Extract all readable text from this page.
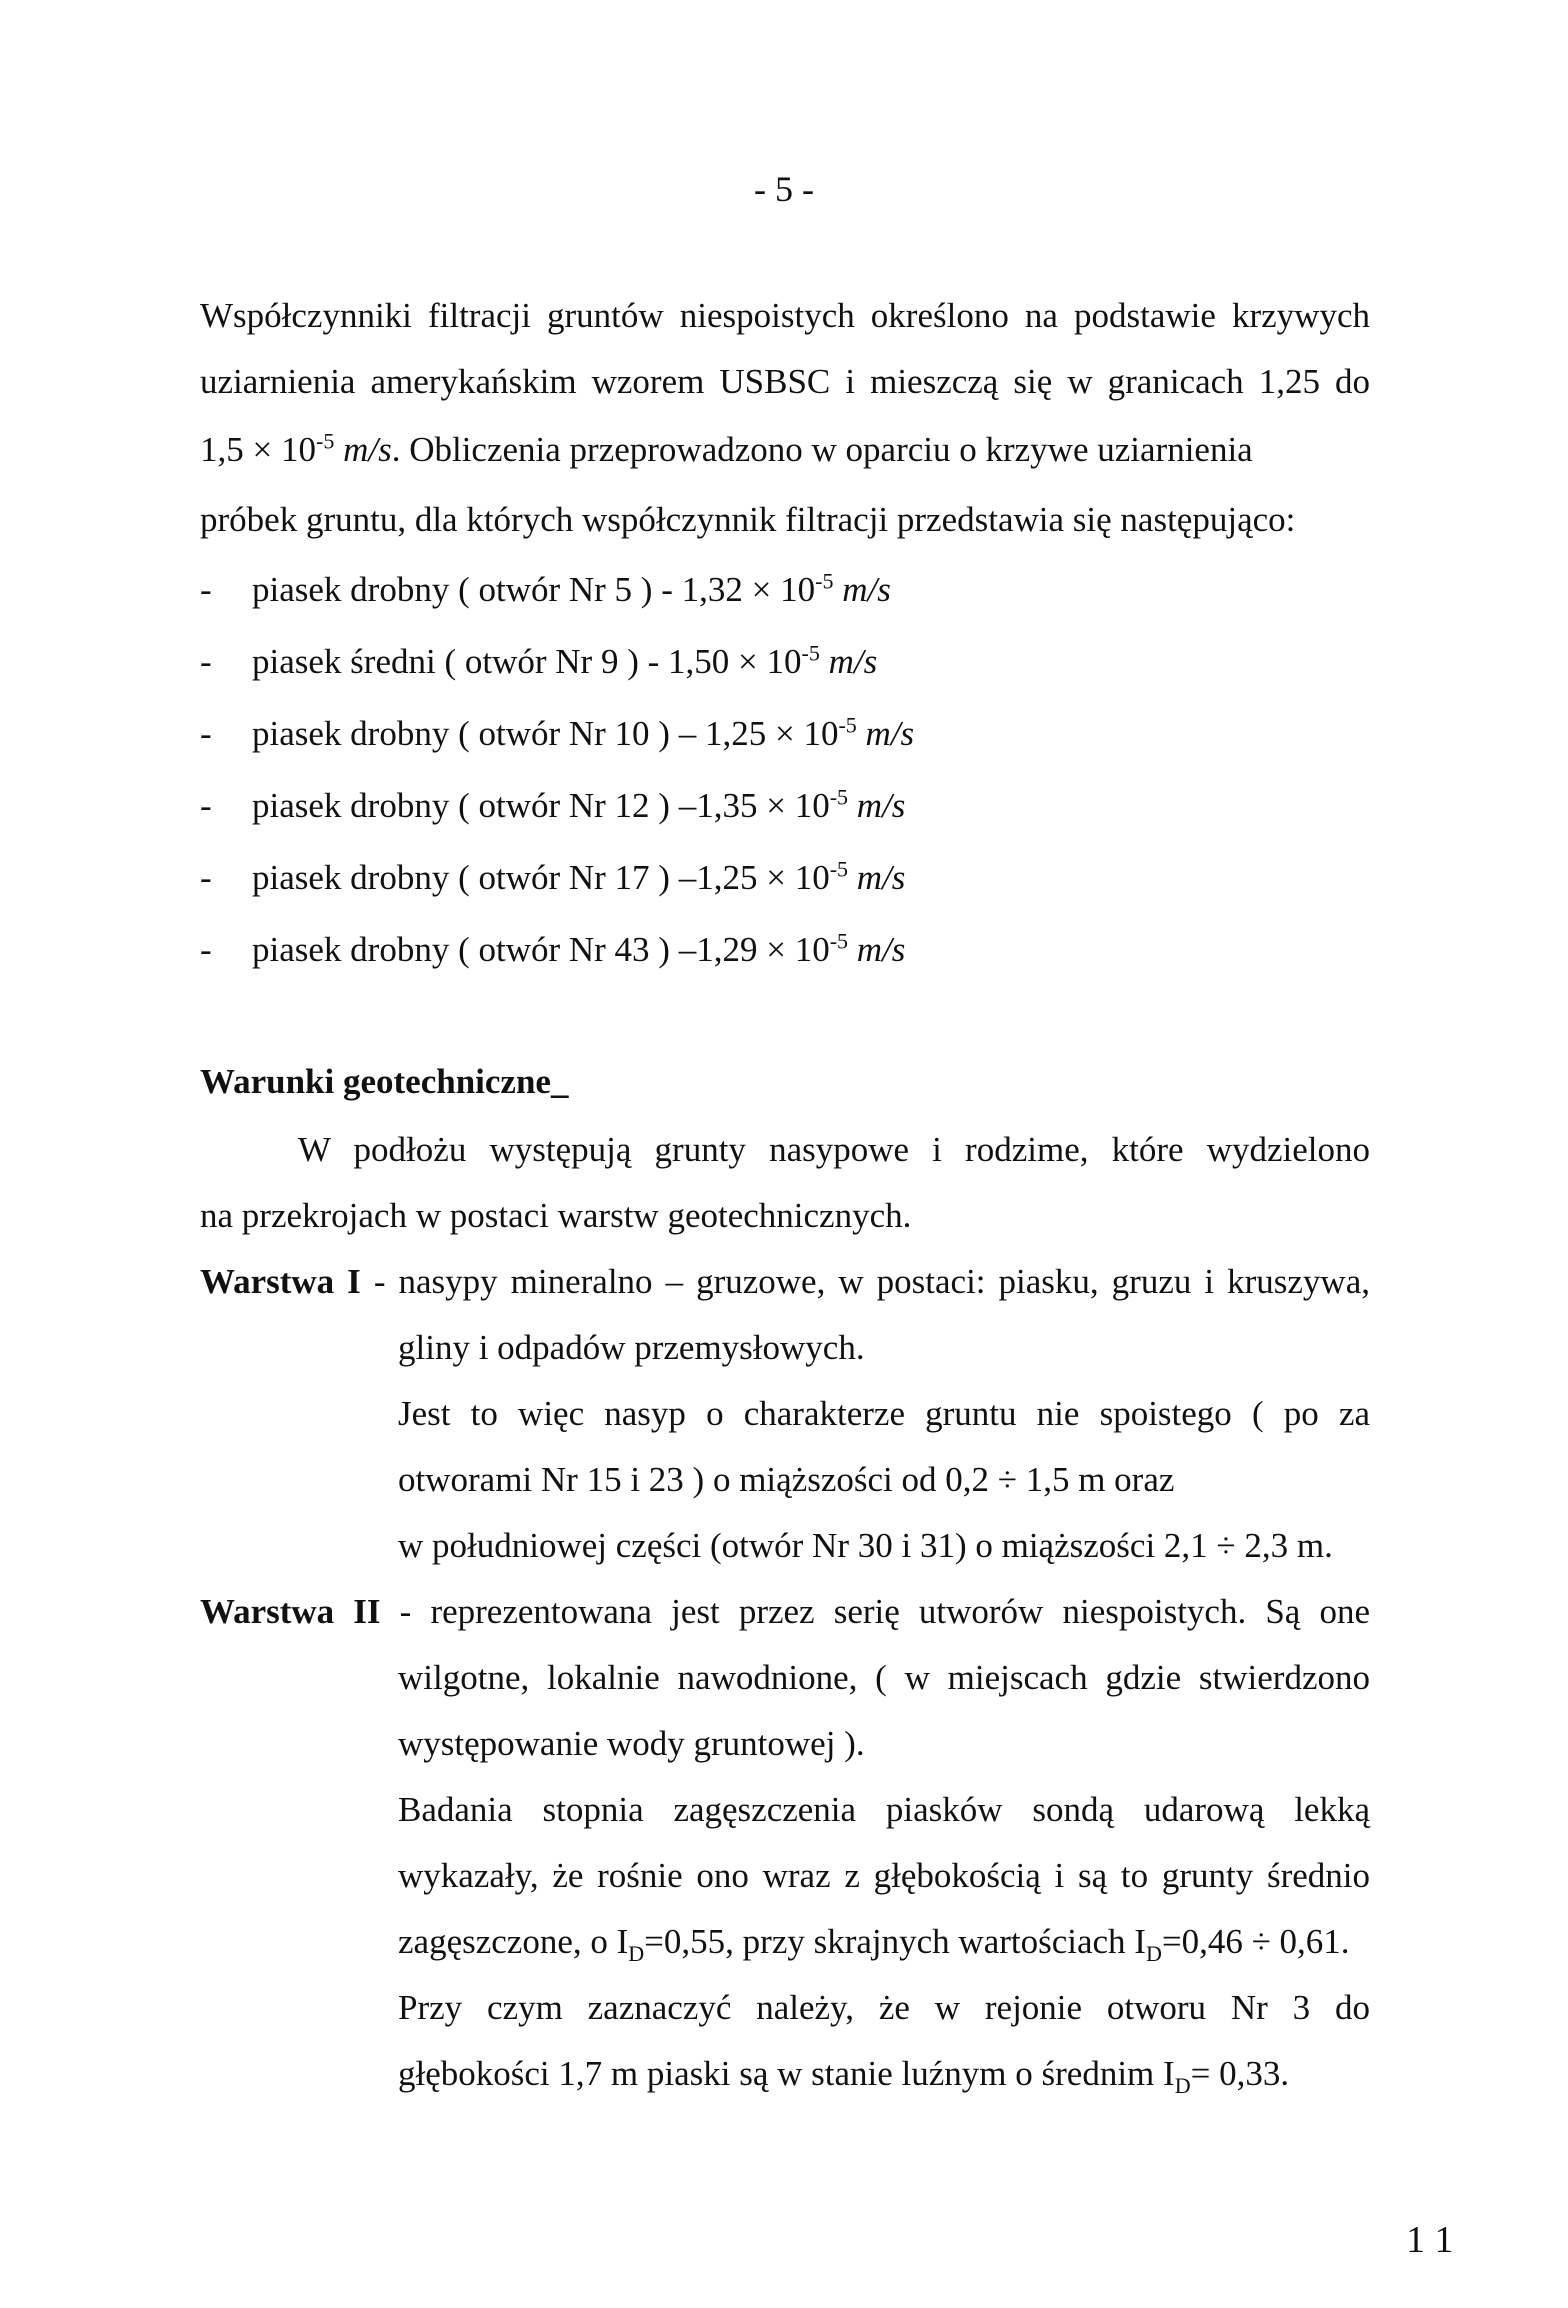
- 5 -
Współczynniki filtracji gruntów niespoistych określono na podstawie krzywych
uziarnienia amerykańskim wzorem USBSC i mieszczą się w granicach 1,25 do
$1,5 \times 10^{-5}$ m/s. Obliczenia przeprowadzono w oparciu o krzywe uziarnienia
próbek gruntu, dla których współczynnik filtracji przedstawia się następująco:
- piasek drobny ( otwór Nr 5 ) - $1,32 \times 10^{-5}$ m/s
- piasek średni ( otwór Nr 9 ) - $1,50 \times 10^{-5}$ m/s
- piasek drobny ( otwór Nr 10 ) – $1,25 \times 10^{-5}$ m/s
- piasek drobny ( otwór Nr 12 ) $-1,35 \times 10^{-5}$ m/s
- piasek drobny ( otwór Nr 17 ) $-1,25 \times 10^{-5}$ m/s
- piasek drobny ( otwór Nr 43 ) $-1,29 \times 10^{-5}$ m/s
Warunki geotechniczne_
W podłożu występują grunty nasypowe i rodzime, które wydzielono
na przekrojach w postaci warstw geotechnicznych.
Warstwa I - nasypy mineralno – gruzowe, w postaci: piasku, gruzu i kruszywa,
gliny i odpadów przemysłowych.
Jest to więc nasyp o charakterze gruntu nie spoistego ( po za
otworami Nr 15 i 23 ) o miąższości od 0,2 ÷ 1,5 m oraz
w południowej części (otwór Nr 30 i 31) o miąższości 2,1 ÷ 2,3 m.
Warstwa II - reprezentowana jest przez serię utworów niespoistych. Są one
wilgotne, lokalnie nawodnione, ( w miejscach gdzie stwierdzono
występowanie wody gruntowej ).
Badania stopnia zagęszczenia piasków sondą udarową lekką
wykazały, że rośnie ono wraz z głębokością i są to grunty średnio
zagęszczone, o $I_D=0,55$, przy skrajnych wartościach $I_D=0,46 \div 0,61$.
Przy czym zaznaczyć należy, że w rejonie otworu Nr 3 do
głębokości 1,7 m piaski są w stanie luźnym o średnim $I_D= 0,33$.
1 1
